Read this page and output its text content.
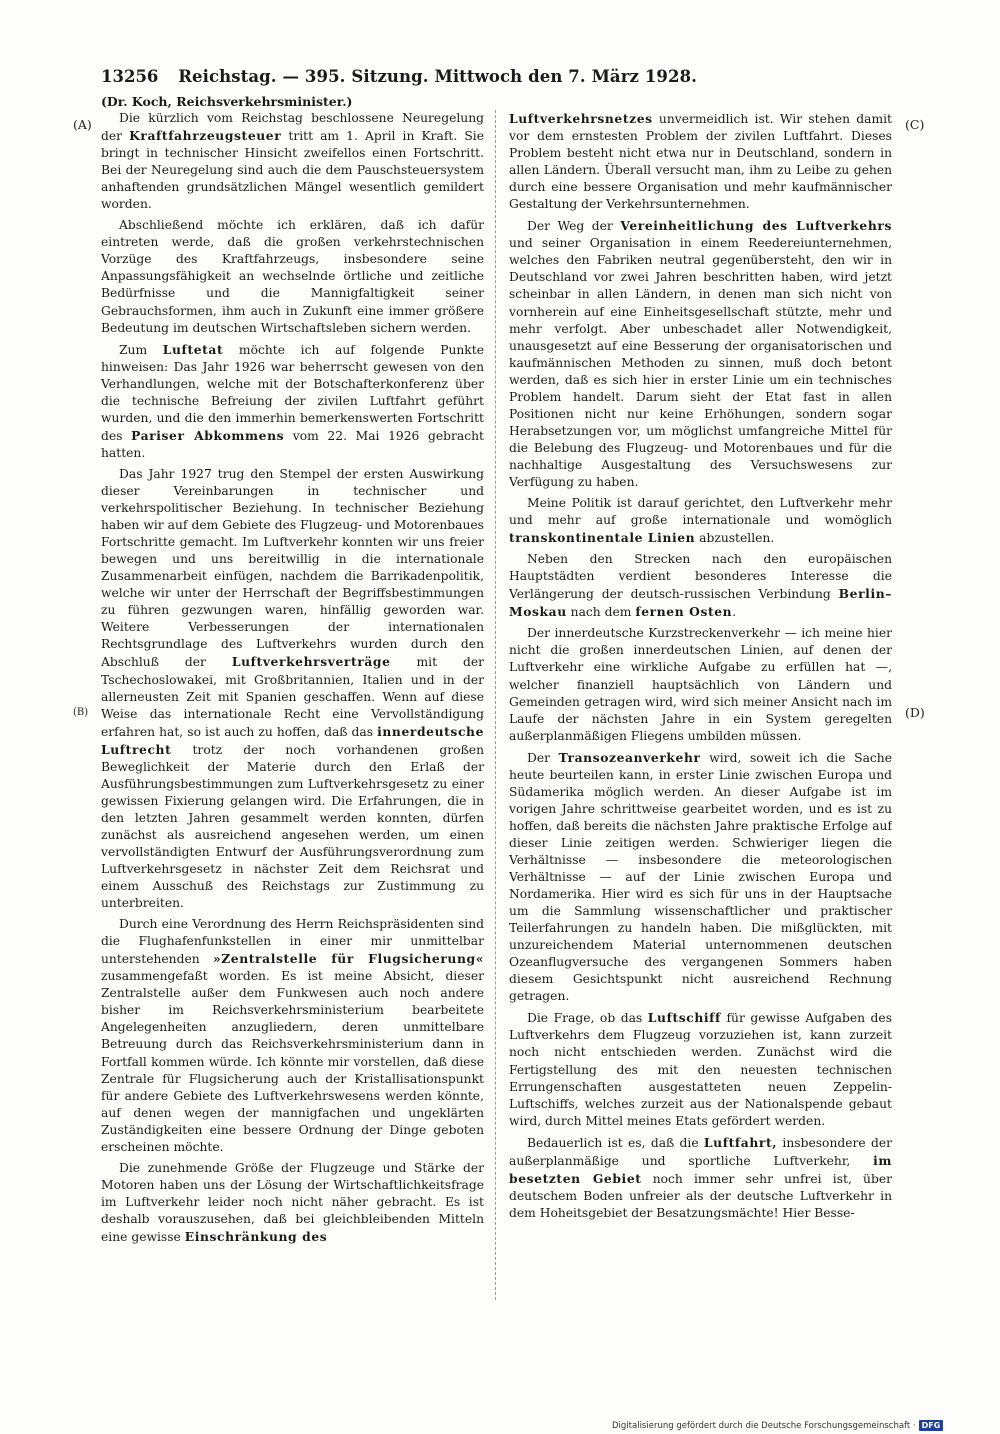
13256 Reichstag. — 395. Sitzung. Mittwoch den 7. März 1928.
(Dr. Koch, Reichsverkehrsminister.)
(A)
(B)
(C)
(D)

Die kürzlich vom Reichstag beschlossene Neuregelung der Kraftfahrzeugsteuer tritt am 1. April in Kraft. Sie bringt in technischer Hinsicht zweifellos einen Fortschritt. Bei der Neuregelung sind auch die dem Pauschsteuersystem anhaftenden grundsätzlichen Mängel wesentlich gemildert worden.

Abschließend möchte ich erklären, daß ich dafür eintreten werde, daß die großen verkehrstechnischen Vorzüge des Kraftfahrzeugs, insbesondere seine Anpassungsfähigkeit an wechselnde örtliche und zeitliche Bedürfnisse und die Mannigfaltigkeit seiner Gebrauchsformen, ihm auch in Zukunft eine immer größere Bedeutung im deutschen Wirtschaftsleben sichern werden.

Zum Luftetat möchte ich auf folgende Punkte hinweisen: Das Jahr 1926 war beherrscht gewesen von den Verhandlungen, welche mit der Botschafterkonferenz über die technische Befreiung der zivilen Luftfahrt geführt wurden, und die den immerhin bemerkenswerten Fortschritt des Pariser Abkommens vom 22. Mai 1926 gebracht hatten.

Das Jahr 1927 trug den Stempel der ersten Auswirkung dieser Vereinbarungen in technischer und verkehrspolitischer Beziehung. In technischer Beziehung haben wir auf dem Gebiete des Flugzeug- und Motorenbaues Fortschritte gemacht. Im Luftverkehr konnten wir uns freier bewegen und uns bereitwillig in die internationale Zusammenarbeit einfügen, nachdem die Barrikadenpolitik, welche wir unter der Herrschaft der Begriffsbestimmungen zu führen gezwungen waren, hinfällig geworden war. Weitere Verbesserungen der internationalen Rechtsgrundlage des Luftverkehrs wurden durch den Abschluß der Luftverkehrsverträge mit der Tschechoslowakei, mit Großbritannien, Italien und in der allerneusten Zeit mit Spanien geschaffen. Wenn auf diese Weise das internationale Recht eine Vervollständigung erfahren hat, so ist auch zu hoffen, daß das innerdeutsche Luftrecht trotz der noch vorhandenen großen Beweglichkeit der Materie durch den Erlaß der Ausführungsbestimmungen zum Luftverkehrsgesetz zu einer gewissen Fixierung gelangen wird. Die Erfahrungen, die in den letzten Jahren gesammelt werden konnten, dürfen zunächst als ausreichend angesehen werden, um einen vervollständigten Entwurf der Ausführungsverordnung zum Luftverkehrsgesetz in nächster Zeit dem Reichsrat und einem Ausschuß des Reichstags zur Zustimmung zu unterbreiten.

Durch eine Verordnung des Herrn Reichspräsidenten sind die Flughafenfunkstellen in einer mir unmittelbar unterstehenden »Zentralstelle für Flugsicherung« zusammengefaßt worden. Es ist meine Absicht, dieser Zentralstelle außer dem Funkwesen auch noch andere bisher im Reichsverkehrsministerium bearbeitete Angelegenheiten anzugliedern, deren unmittelbare Betreuung durch das Reichsverkehrsministerium dann in Fortfall kommen würde. Ich könnte mir vorstellen, daß diese Zentrale für Flugsicherung auch der Kristallisationspunkt für andere Gebiete des Luftverkehrswesens werden könnte, auf denen wegen der mannigfachen und ungeklärten Zuständigkeiten eine bessere Ordnung der Dinge geboten erscheinen möchte.

Die zunehmende Größe der Flugzeuge und Stärke der Motoren haben uns der Lösung der Wirtschaftlichkeitsfrage im Luftverkehr leider noch nicht näher gebracht. Es ist deshalb vorauszusehen, daß bei gleichbleibenden Mitteln eine gewisse Einschränkung des

Luftverkehrsnetzes unvermeidlich ist. Wir stehen damit vor dem ernstesten Problem der zivilen Luftfahrt. Dieses Problem besteht nicht etwa nur in Deutschland, sondern in allen Ländern. Überall versucht man, ihm zu Leibe zu gehen durch eine bessere Organisation und mehr kaufmännischer Gestaltung der Verkehrsunternehmen.

Der Weg der Vereinheitlichung des Luftverkehrs und seiner Organisation in einem Reedereiunternehmen, welches den Fabriken neutral gegenübersteht, den wir in Deutschland vor zwei Jahren beschritten haben, wird jetzt scheinbar in allen Ländern, in denen man sich nicht von vornherein auf eine Einheitsgesellschaft stützte, mehr und mehr verfolgt. Aber unbeschadet aller Notwendigkeit, unausgesetzt auf eine Besserung der organisatorischen und kaufmännischen Methoden zu sinnen, muß doch betont werden, daß es sich hier in erster Linie um ein technisches Problem handelt. Darum sieht der Etat fast in allen Positionen nicht nur keine Erhöhungen, sondern sogar Herabsetzungen vor, um möglichst umfangreiche Mittel für die Belebung des Flugzeug- und Motorenbaues und für die nachhaltige Ausgestaltung des Versuchswesens zur Verfügung zu haben.

Meine Politik ist darauf gerichtet, den Luftverkehr mehr und mehr auf große internationale und womöglich transkontinentale Linien abzustellen.

Neben den Strecken nach den europäischen Hauptstädten verdient besonderes Interesse die Verlängerung der deutsch-russischen Verbindung Berlin–Moskau nach dem fernen Osten.

Der innerdeutsche Kurzstreckenverkehr — ich meine hier nicht die großen innerdeutschen Linien, auf denen der Luftverkehr eine wirkliche Aufgabe zu erfüllen hat —, welcher finanziell hauptsächlich von Ländern und Gemeinden getragen wird, wird sich meiner Ansicht nach im Laufe der nächsten Jahre in ein System geregelten außerplanmäßigen Fliegens umbilden müssen.

Der Transozeanverkehr wird, soweit ich die Sache heute beurteilen kann, in erster Linie zwischen Europa und Südamerika möglich werden. An dieser Aufgabe ist im vorigen Jahre schrittweise gearbeitet worden, und es ist zu hoffen, daß bereits die nächsten Jahre praktische Erfolge auf dieser Linie zeitigen werden. Schwieriger liegen die Verhältnisse — insbesondere die meteorologischen Verhältnisse — auf der Linie zwischen Europa und Nordamerika. Hier wird es sich für uns in der Hauptsache um die Sammlung wissenschaftlicher und praktischer Teilerfahrungen zu handeln haben. Die mißglückten, mit unzureichendem Material unternommenen deutschen Ozeanflugversuche des vergangenen Sommers haben diesem Gesichtspunkt nicht ausreichend Rechnung getragen.

Die Frage, ob das Luftschiff für gewisse Aufgaben des Luftverkehrs dem Flugzeug vorzuziehen ist, kann zurzeit noch nicht entschieden werden. Zunächst wird die Fertigstellung des mit den neuesten technischen Errungenschaften ausgestatteten neuen Zeppelin-Luftschiffs, welches zurzeit aus der Nationalspende gebaut wird, durch Mittel meines Etats gefördert werden.

Bedauerlich ist es, daß die Luftfahrt, insbesondere der außerplanmäßige und sportliche Luftverkehr, im besetzten Gebiet noch immer sehr unfrei ist, über deutschem Boden unfreier als der deutsche Luftverkehr in dem Hoheitsgebiet der Besatzungsmächte! Hier Besse-

Digitalisierung gefördert durch die Deutsche Forschungsgemeinschaft · DFG
